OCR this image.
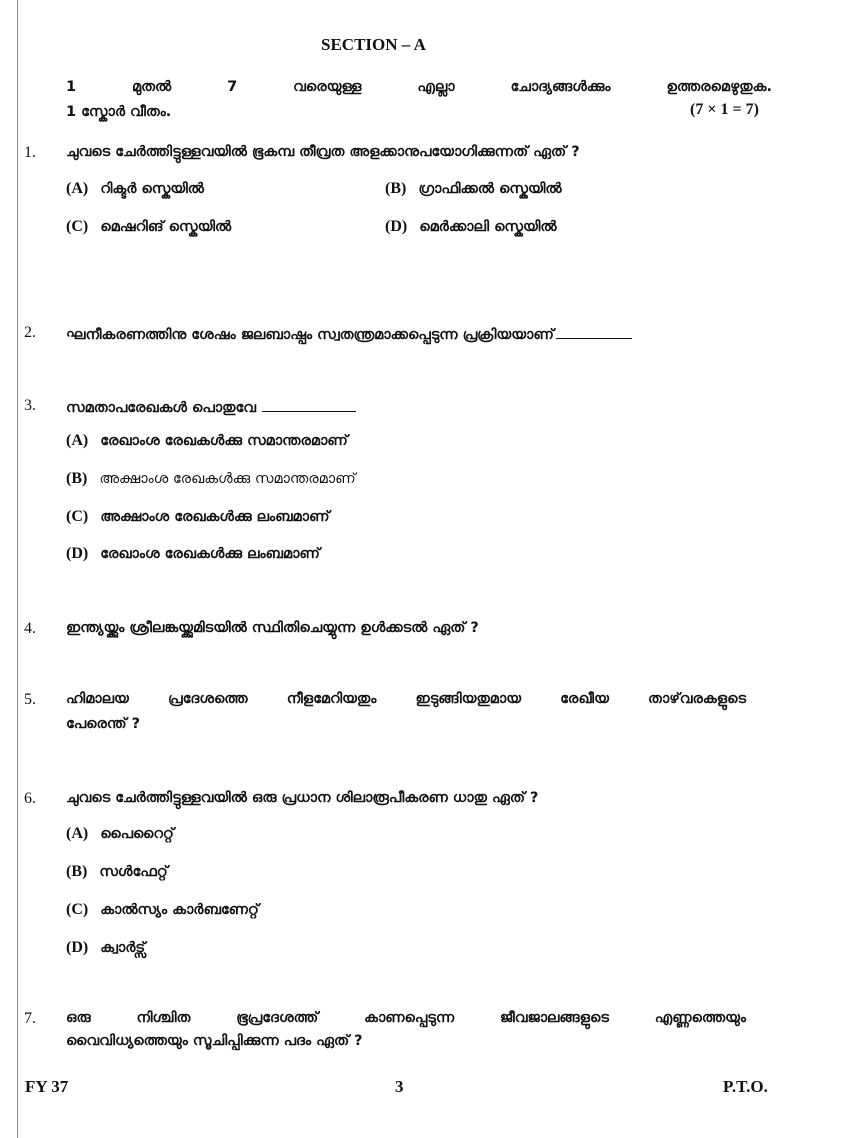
SECTION – A
1 മുതൽ 7 വരെയുള്ള എല്ലാ ചോദ്യങ്ങൾക്കും ഉത്തരമെഴുതുക.
1 സ്കോർ വീതം.	(7 × 1 = 7)
1. ചുവടെ ചേർത്തിട്ടുള്ളവയിൽ ഭൂകമ്പ തീവ്രത അളക്കാനുപയോഗിക്കുന്നത് ഏത് ?
(A) റിക്ടർ സ്കെയിൽ	(B) ഗ്രാഫിക്കൽ സ്കെയിൽ
(C) മെഷറിങ് സ്കെയിൽ	(D) മെർക്കാലി സ്കെയിൽ
2. ഘനീകരണത്തിനു ശേഷം ജലബാഷ്പം സ്വതന്ത്രമാക്കപ്പെടുന്ന പ്രക്രിയയാണ്
3. സമതാപരേഖകൾ പൊതുവേ
(A) രേഖാംശ രേഖകൾക്കു സമാന്തരമാണ്
(B) അക്ഷാംശ രേഖകൾക്കു സമാന്തരമാണ്
(C) അക്ഷാംശ രേഖകൾക്കു ലംബമാണ്
(D) രേഖാംശ രേഖകൾക്കു ലംബമാണ്
4. ഇന്ത്യയ്ക്കും ശ്രീലങ്കയ്ക്കുമിടയിൽ സ്ഥിതിചെയ്യുന്ന ഉൾക്കടൽ ഏത് ?
5. ഹിമാലയ പ്രദേശത്തെ നീളമേറിയതും ഇടുങ്ങിയതുമായ രേഖീയ താഴ്‌വരകളുടെ
പേരെന്ത് ?
6. ചുവടെ ചേർത്തിട്ടുള്ളവയിൽ ഒരു പ്രധാന ശിലാരൂപീകരണ ധാതു ഏത് ?
(A) പൈറൈറ്റ്
(B) സൾഫേറ്റ്
(C) കാൽസ്യം കാർബണേറ്റ്
(D) ക്വാർട്സ്
7. ഒരു നിശ്ചിത ഭൂപ്രദേശത്ത് കാണപ്പെടുന്ന ജീവജാലങ്ങളുടെ എണ്ണത്തെയും
വൈവിധ്യത്തെയും സൂചിപ്പിക്കുന്ന പദം ഏത് ?
FY 37	3	P.T.O.
